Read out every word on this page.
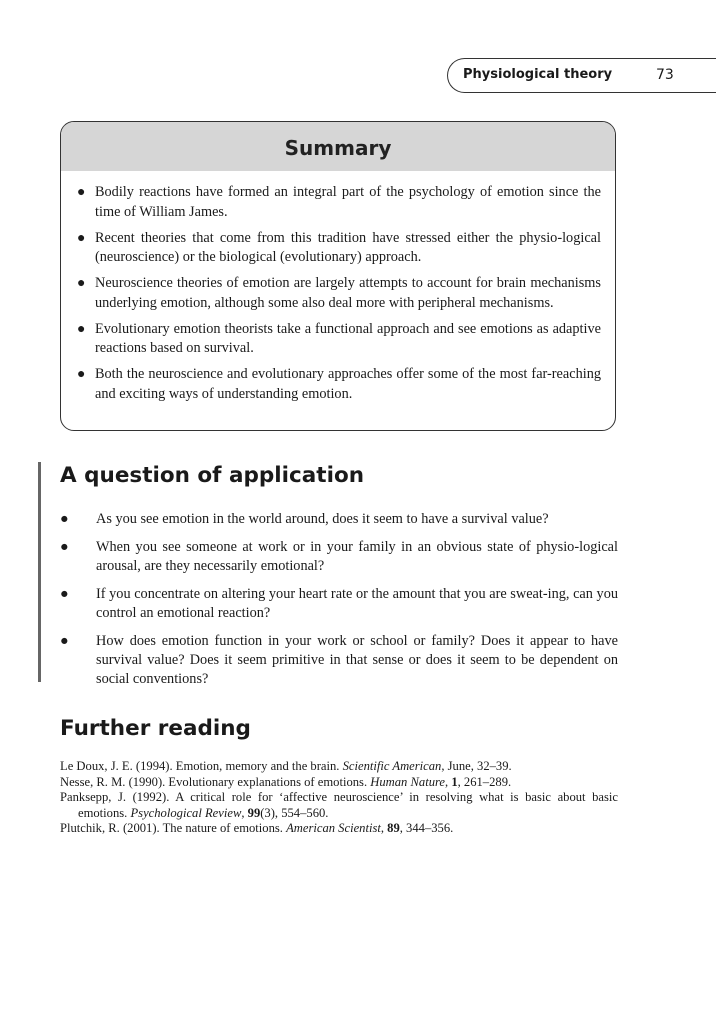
Physiological theory	73
Summary
● Bodily reactions have formed an integral part of the psychology of emotion since the time of William James.
● Recent theories that come from this tradition have stressed either the physio-logical (neuroscience) or the biological (evolutionary) approach.
● Neuroscience theories of emotion are largely attempts to account for brain mechanisms underlying emotion, although some also deal more with peripheral mechanisms.
● Evolutionary emotion theorists take a functional approach and see emotions as adaptive reactions based on survival.
● Both the neuroscience and evolutionary approaches offer some of the most far-reaching and exciting ways of understanding emotion.
A question of application
● As you see emotion in the world around, does it seem to have a survival value?
● When you see someone at work or in your family in an obvious state of physio-logical arousal, are they necessarily emotional?
● If you concentrate on altering your heart rate or the amount that you are sweat-ing, can you control an emotional reaction?
● How does emotion function in your work or school or family? Does it appear to have survival value? Does it seem primitive in that sense or does it seem to be dependent on social conventions?
Further reading

Le Doux, J. E. (1994). Emotion, memory and the brain. Scientific American, June, 32–39.

Nesse, R. M. (1990). Evolutionary explanations of emotions. Human Nature, 1, 261–289.

Panksepp, J. (1992). A critical role for ‘affective neuroscience’ in resolving what is basic about basic emotions. Psychological Review, 99(3), 554–560.

Plutchik, R. (2001). The nature of emotions. American Scientist, 89, 344–356.
